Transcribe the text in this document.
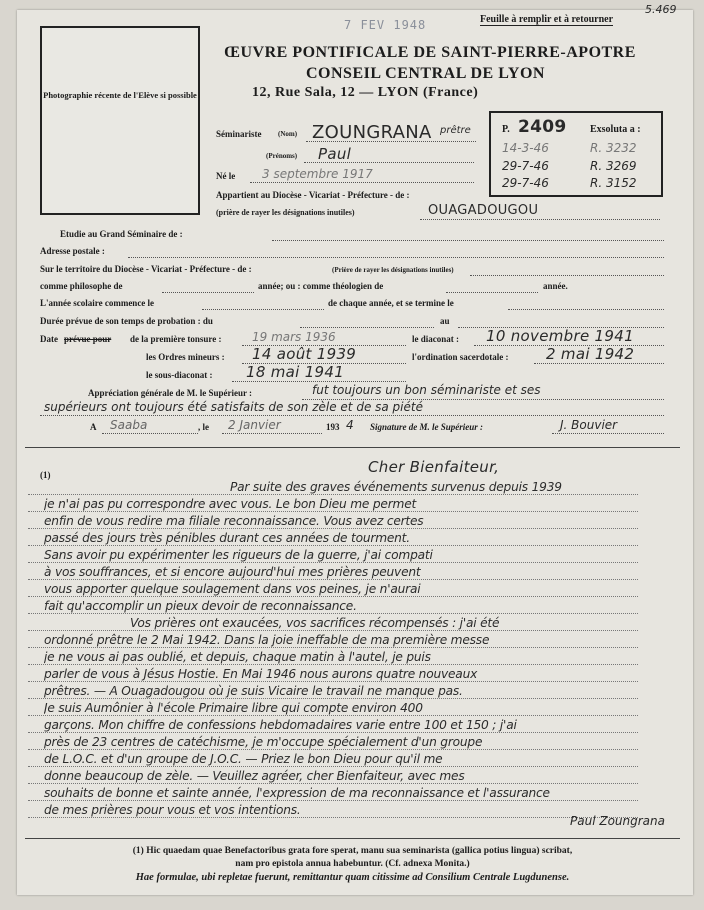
Feuille à remplir et à retourner
5.469
7 FEV 1948
Photographie récente de l'Elève si possible
ŒUVRE PONTIFICALE DE SAINT-PIERRE-APOTRE
CONSEIL CENTRAL DE LYON
12, Rue Sala, 12 — LYON (France)
Séminariste (Nom) ZOUNGRANA prêtre
(Prénoms) Paul
Né le 3 septembre 1917
Appartient au Diocèse - Vicariat - Préfecture - de :
(prière de rayer les désignations inutiles)	OUAGADOUGOU
P. 2409 Exsoluta a :
14-3-46	R. 3232
29-7-46	R. 3269
29-7-46	R. 3152
Etudie au Grand Séminaire de :
Adresse postale :
Sur le territoire du Diocèse - Vicariat - Préfecture - de :	(Prière de rayer les désignations inutiles)
comme philosophe de	année; ou : comme théologien de	année.
L'année scolaire commence le	de chaque année, et se termine le
Durée prévue de son temps de probation : du	au
Date prévue pour de la première tonsure :	19 mars 1936	le diaconat : 10 novembre 1941
les Ordres mineurs : 14 août 1939	l'ordination sacerdotale :	2 mai 1942
le sous-diaconat : 18 mai 1941
Appréciation générale de M. le Supérieur :	fut toujours un bon séminariste et ses
supérieurs ont toujours été satisfaits de son zèle et de sa piété
A Saaba	, le 2 Janvier	193 4 Signature de M. le Supérieur :	J. Bouvier
(1)	Cher Bienfaiteur,
Par suite des graves événements survenus depuis 1939
je n'ai pas pu correspondre avec vous. Le bon Dieu me permet
enfin de vous redire ma filiale reconnaissance. Vous avez certes
passé des jours très pénibles durant ces années de tourment.
Sans avoir pu expérimenter les rigueurs de la guerre, j'ai compati
à vos souffrances, et si encore aujourd'hui mes prières peuvent
vous apporter quelque soulagement dans vos peines, je n'aurai
fait qu'accomplir un pieux devoir de reconnaissance.
Vos prières ont exaucées, vos sacrifices récompensés : j'ai été
ordonné prêtre le 2 Mai 1942. Dans la joie ineffable de ma première messe
je ne vous ai pas oublié, et depuis, chaque matin à l'autel, je puis
parler de vous à Jésus Hostie. En Mai 1946 nous aurons quatre nouveaux
prêtres. — A Ouagadougou où je suis Vicaire le travail ne manque pas.
Je suis Aumônier à l'école Primaire libre qui compte environ 400
garçons. Mon chiffre de confessions hebdomadaires varie entre 100 et 150 ; j'ai
près de 23 centres de catéchisme, je m'occupe spécialement d'un groupe
de L.O.C. et d'un groupe de J.O.C. — Priez le bon Dieu pour qu'il me
donne beaucoup de zèle. — Veuillez agréer, cher Bienfaiteur, avec mes
souhaits de bonne et sainte année, l'expression de ma reconnaissance et l'assurance
de mes prières pour vous et vos intentions.
Paul Zoungrana
(1) Hic quaedam quae Benefactoribus grata fore sperat, manu sua seminarista (gallica potius lingua) scribat,
nam pro epistola annua habebuntur. (Cf. adnexa Monita.)
Hae formulae, ubi repletae fuerunt, remittantur quam citissime ad Consilium Centrale Lugdunense.
